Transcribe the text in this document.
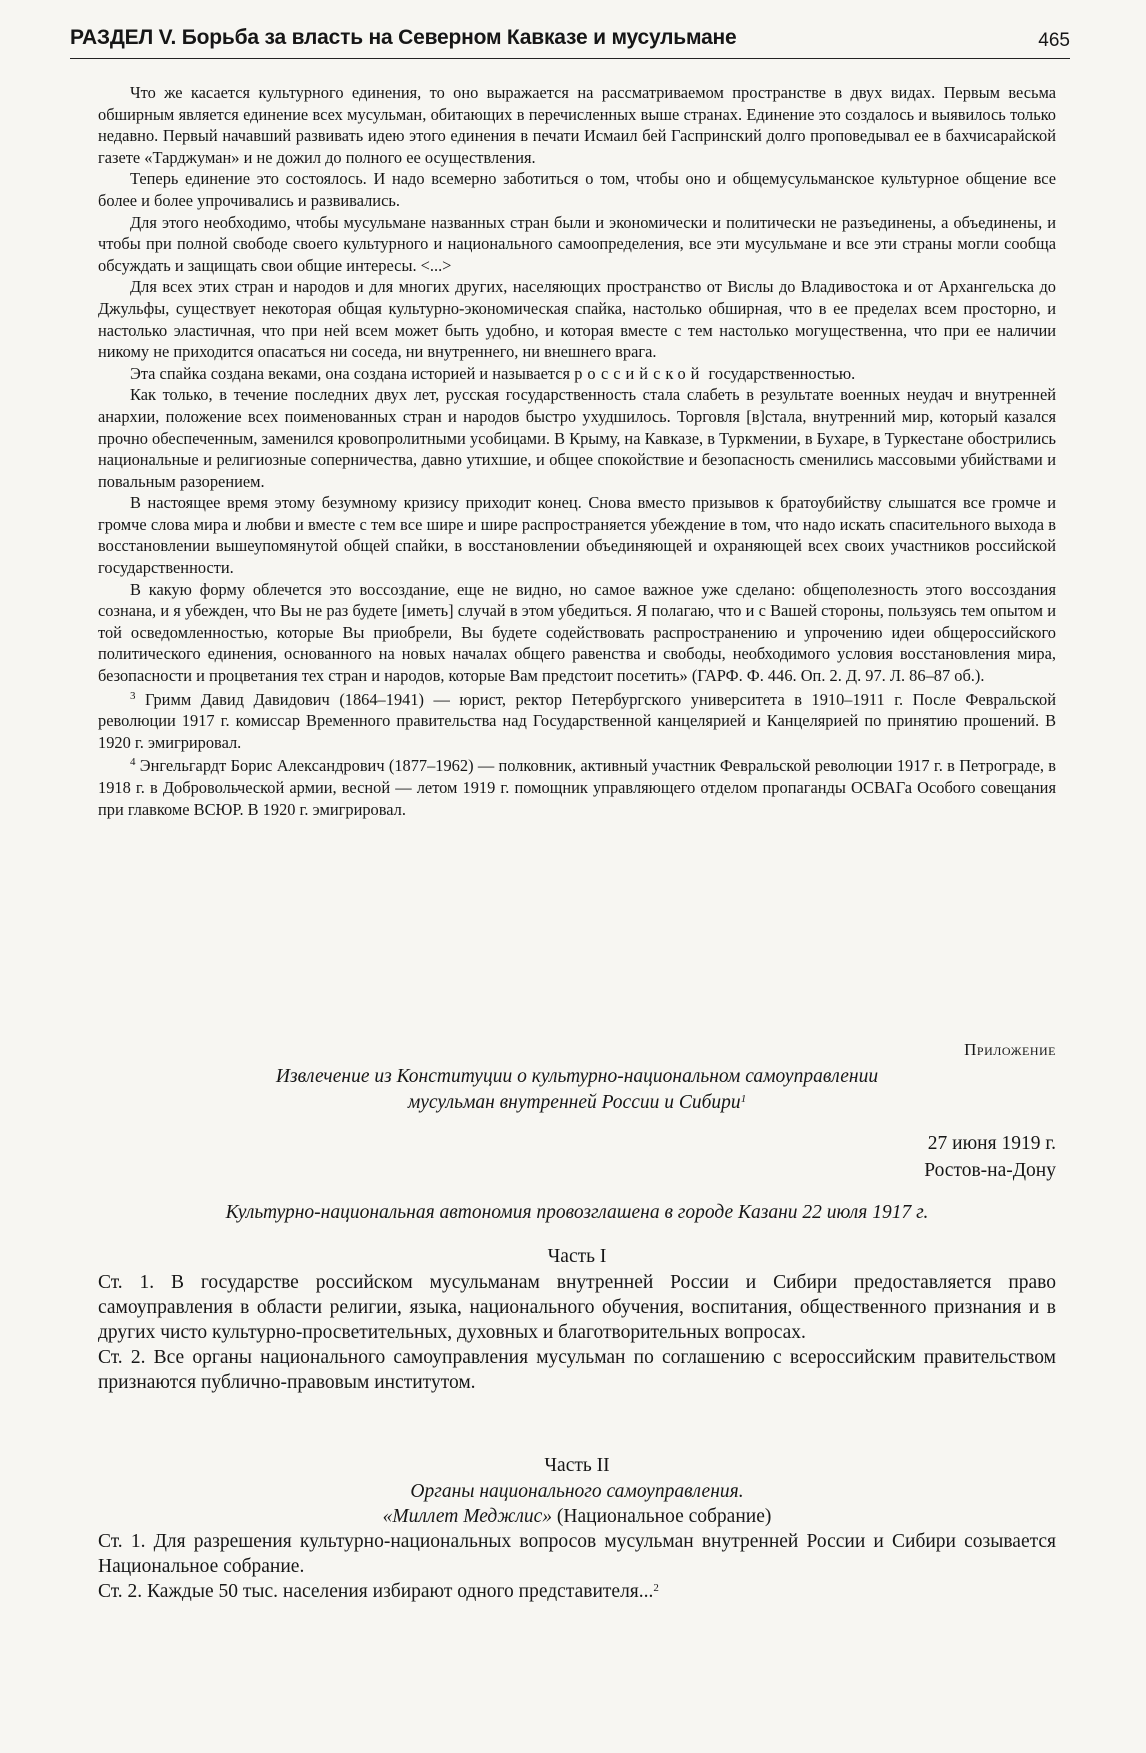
РАЗДЕЛ V. Борьба за власть на Северном Кавказе и мусульмане	465

Что же касается культурного единения, то оно выражается на рассматриваемом пространстве в двух видах. Первым весьма обширным является единение всех мусульман, обитающих в перечисленных выше странах. Единение это создалось и выявилось только недавно. Первый начавший развивать идею этого единения в печати Исмаил бей Гаспринский долго проповедывал ее в бахчисарайской газете «Тарджуман» и не дожил до полного ее осуществления.

Теперь единение это состоялось. И надо всемерно заботиться о том, чтобы оно и общемусульманское культурное общение все более и более упрочивались и развивались.

Для этого необходимо, чтобы мусульмане названных стран были и экономически и политически не разъединены, а объединены, и чтобы при полной свободе своего культурного и национального самоопределения, все эти мусульмане и все эти страны могли сообща обсуждать и защищать свои общие интересы. <...>

Для всех этих стран и народов и для многих других, населяющих пространство от Вислы до Владивостока и от Архангельска до Джульфы, существует некоторая общая культурно-экономическая спайка, настолько обширная, что в ее пределах всем просторно, и настолько эластичная, что при ней всем может быть удобно, и которая вместе с тем настолько могущественна, что при ее наличии никому не приходится опасаться ни соседа, ни внутреннего, ни внешнего врага.

Эта спайка создана веками, она создана историей и называется российской государственностью.

Как только, в течение последних двух лет, русская государственность стала слабеть в результате военных неудач и внутренней анархии, положение всех поименованных стран и народов быстро ухудшилось. Торговля [в]стала, внутренний мир, который казался прочно обеспеченным, заменился кровопролитными усобицами. В Крыму, на Кавказе, в Туркмении, в Бухаре, в Туркестане обострились национальные и религиозные соперничества, давно утихшие, и общее спокойствие и безопасность сменились массовыми убийствами и повальным разорением.

В настоящее время этому безумному кризису приходит конец. Снова вместо призывов к братоубийству слышатся все громче и громче слова мира и любви и вместе с тем все шире и шире распространяется убеждение в том, что надо искать спасительного выхода в восстановлении вышеупомянутой общей спайки, в восстановлении объединяющей и охраняющей всех своих участников российской государственности.

В какую форму облечется это воссоздание, еще не видно, но самое важное уже сделано: общеполезность этого воссоздания сознана, и я убежден, что Вы не раз будете [иметь] случай в этом убедиться. Я полагаю, что и с Вашей стороны, пользуясь тем опытом и той осведомленностью, которые Вы приобрели, Вы будете содействовать распространению и упрочению идеи общероссийского политического единения, основанного на новых началах общего равенства и свободы, необходимого условия восстановления мира, безопасности и процветания тех стран и народов, которые Вам предстоит посетить» (ГАРФ. Ф. 446. Оп. 2. Д. 97. Л. 86–87 об.).

$^3$ Гримм Давид Давидович (1864–1941) — юрист, ректор Петербургского университета в 1910–1911 г. После Февральской революции 1917 г. комиссар Временного правительства над Государственной канцелярией и Канцелярией по принятию прошений. В 1920 г. эмигрировал.

$^4$ Энгельгардт Борис Александрович (1877–1962) — полковник, активный участник Февральской революции 1917 г. в Петрограде, в 1918 г. в Добровольческой армии, весной — летом 1919 г. помощник управляющего отделом пропаганды ОСВАГа Особого совещания при главкоме ВСЮР. В 1920 г. эмигрировал.

Приложение

Извлечение из Конституции о культурно-национальном самоуправлении

мусульман внутренней России и Сибири$^1$

27 июня 1919 г.
Ростов-на-Дону

Культурно-национальная автономия провозглашена в городе Казани 22 июля 1917 г.

Часть I

Ст. 1. В государстве российском мусульманам внутренней России и Сибири предоставляется право самоуправления в области религии, языка, национального обучения, воспитания, общественного признания и в других чисто культурно-просветительных, духовных и благотворительных вопросах.

Ст. 2. Все органы национального самоуправления мусульман по соглашению с всероссийским правительством признаются публично-правовым институтом.

Часть II

Органы национального самоуправления.

«Миллет Меджлис» (Национальное собрание)

Ст. 1. Для разрешения культурно-национальных вопросов мусульман внутренней России и Сибири созывается Национальное собрание.

Ст. 2. Каждые 50 тыс. населения избирают одного представителя...$^2$
